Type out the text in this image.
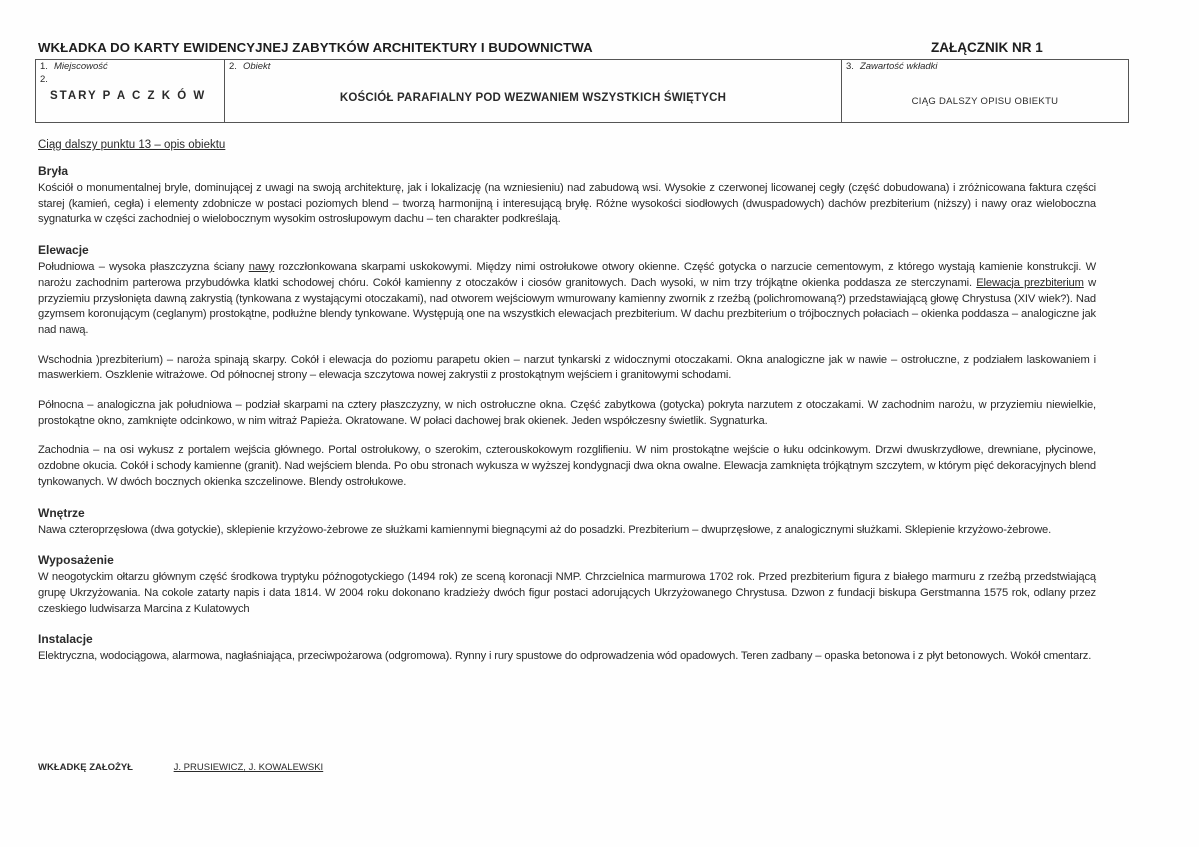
WKŁADKA DO KARTY EWIDENCYJNEJ ZABYTKÓW ARCHITEKTURY I BUDOWNICTWA	ZAŁĄCZNIK NR 1
1. Miejscowość
2.
STARY P A C Z K Ó W

2. Obiekt
KOŚCIÓŁ PARAFIALNY POD WEZWANIEM WSZYSTKICH ŚWIĘTYCH

3. Zawartość wkładki
CIĄG DALSZY OPISU OBIEKTU
Ciąg dalszy punktu 13 – opis obiektu
Bryła

Kościół o monumentalnej bryle, dominującej z uwagi na swoją architekturę, jak i lokalizację (na wzniesieniu) nad zabudową wsi. Wysokie z czerwonej licowanej cegły (część dobudowana) i zróżnicowana faktura części starej (kamień, cegła) i elementy zdobnicze w postaci poziomych blend – tworzą harmonijną i interesującą bryłę. Różne wysokości siodłowych (dwuspadowych) dachów prezbiterium (niższy) i nawy oraz wieloboczna sygnaturka w części zachodniej o wielobocznym wysokim ostrosłupowym dachu – ten charakter podkreślają.

Elewacje

Południowa – wysoka płaszczyzna ściany nawy rozczłonkowana skarpami uskokowymi. Między nimi ostrołukowe otwory okienne. Część gotycka o narzucie cementowym, z którego wystają kamienie konstrukcji. W narożu zachodnim parterowa przybudówka klatki schodowej chóru. Cokół kamienny z otoczaków i ciosów granitowych. Dach wysoki, w nim trzy trójkątne okienka poddasza ze sterczynami. Elewacja prezbiterium w przyziemiu przysłonięta dawną zakrystią (tynkowana z wystającymi otoczakami), nad otworem wejściowym wmurowany kamienny zwornik z rzeźbą (polichromowaną?) przedstawiającą głowę Chrystusa (XIV wiek?). Nad gzymsem koronującym (ceglanym) prostokątne, podłużne blendy tynkowane. Występują one na wszystkich elewacjach prezbiterium. W dachu prezbiterium o trójbocznych połaciach – okienka poddasza – analogiczne jak nad nawą.

Wschodnia )prezbiterium) – naroża spinają skarpy. Cokół i elewacja do poziomu parapetu okien – narzut tynkarski z widocznymi otoczakami. Okna analogiczne jak w nawie – ostrołuczne, z podziałem laskowaniem i maswerkiem. Oszklenie witrażowe. Od północnej strony – elewacja szczytowa nowej zakrystii z prostokątnym wejściem i granitowymi schodami.

Północna – analogiczna jak południowa – podział skarpami na cztery płaszczyzny, w nich ostrołuczne okna. Część zabytkowa (gotycka) pokryta narzutem z otoczakami. W zachodnim narożu, w przyziemiu niewielkie, prostokątne okno, zamknięte odcinkowo, w nim witraż Papieża. Okratowane. W połaci dachowej brak okienek. Jeden współczesny świetlik. Sygnaturka.

Zachodnia – na osi wykusz z portalem wejścia głównego. Portal ostrołukowy, o szerokim, czterouskokowym rozglifieniu. W nim prostokątne wejście o łuku odcinkowym. Drzwi dwuskrzydłowe, drewniane, płycinowe, ozdobne okucia. Cokół i schody kamienne (granit). Nad wejściem blenda. Po obu stronach wykusza w wyższej kondygnacji dwa okna owalne. Elewacja zamknięta trójkątnym szczytem, w którym pięć dekoracyjnych blend tynkowanych. W dwóch bocznych okienka szczelinowe. Blendy ostrołukowe.

Wnętrze

Nawa czteroprzęsłowa (dwa gotyckie), sklepienie krzyżowo-żebrowe ze służkami kamiennymi biegnącymi aż do posadzki. Prezbiterium – dwuprzęsłowe, z analogicznymi służkami. Sklepienie krzyżowo-żebrowe.

Wyposażenie

W neogotyckim ołtarzu głównym część środkowa tryptyku późnogotyckiego (1494 rok) ze sceną koronacji NMP. Chrzcielnica marmurowa 1702 rok. Przed prezbiterium figura z białego marmuru z rzeźbą przedstwiającą grupę Ukrzyżowania. Na cokole zatarty napis i data 1814. W 2004 roku dokonano kradzieży dwóch figur postaci adorujących Ukrzyżowanego Chrystusa. Dzwon z fundacji biskupa Gerstmanna 1575 rok, odlany przez czeskiego ludwisarza Marcina z Kulatowych

Instalacje

Elektryczna, wodociągowa, alarmowa, nagłaśniająca, przeciwpożarowa (odgromowa). Rynny i rury spustowe do odprowadzenia wód opadowych. Teren zadbany – opaska betonowa i z płyt betonowych. Wokół cmentarz.

WKŁADKĘ ZAŁOŻYŁ	J. PRUSIEWICZ, J. KOWALEWSKI
